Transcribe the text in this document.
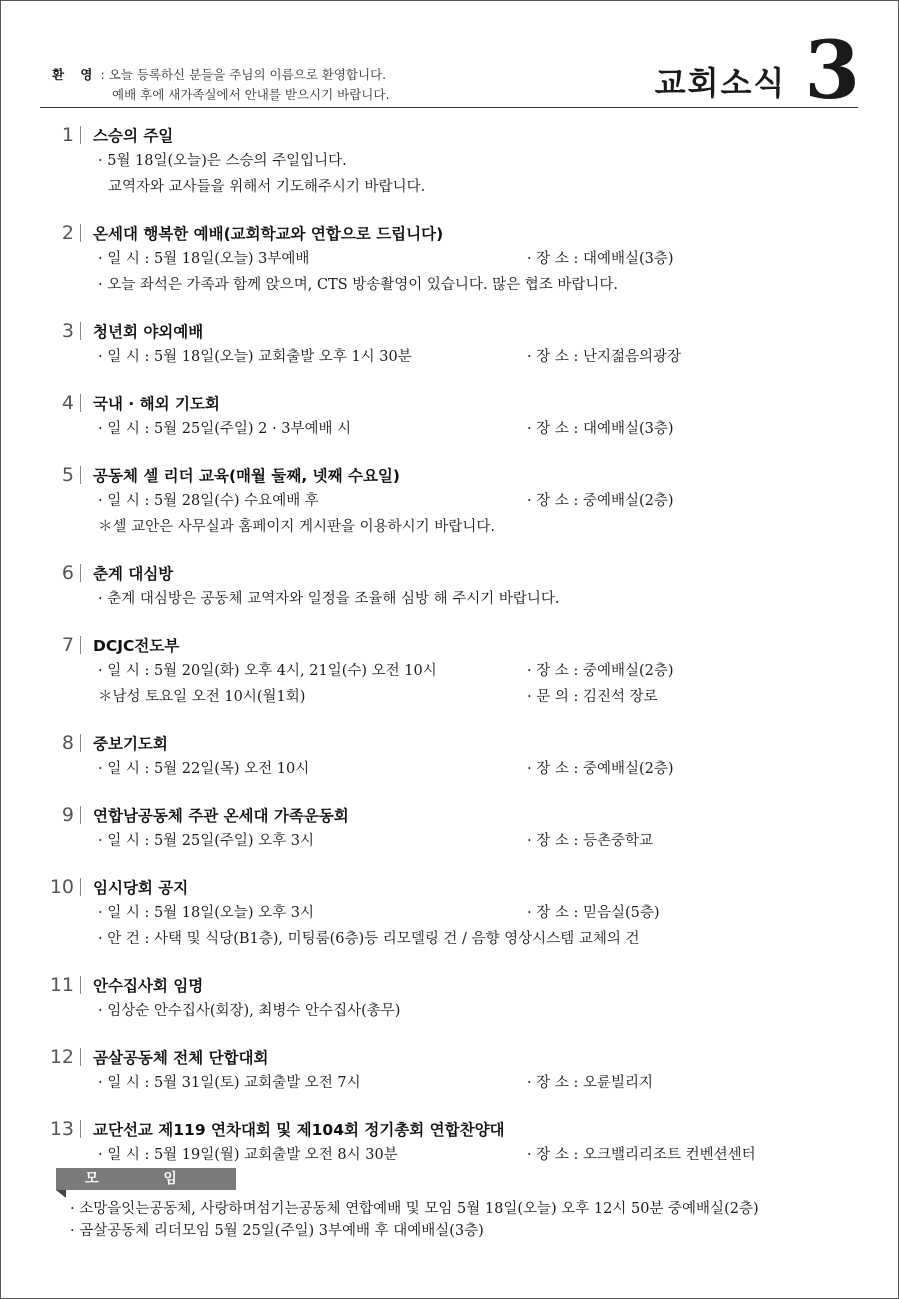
환 영 : 오늘 등록하신 분들을 주님의 이름으로 환영합니다.
예배 후에 새가족실에서 안내를 받으시기 바랍니다.	교회소식 3
1 스승의 주일
· 5월 18일(오늘)은 스승의 주일입니다.
교역자와 교사들을 위해서 기도해주시기 바랍니다.
2 온세대 행복한 예배(교회학교와 연합으로 드립니다)
· 일 시 : 5월 18일(오늘) 3부예배	· 장 소 : 대예배실(3층)
· 오늘 좌석은 가족과 함께 앉으며, CTS 방송촬영이 있습니다. 많은 협조 바랍니다.
3 청년회 야외예배
· 일 시 : 5월 18일(오늘) 교회출발 오후 1시 30분	· 장 소 : 난지젊음의광장
4 국내 · 해외 기도회
· 일 시 : 5월 25일(주일) 2 · 3부예배 시	· 장 소 : 대예배실(3층)
5 공동체 셀 리더 교육(매월 둘째, 넷째 수요일)
· 일 시 : 5월 28일(수) 수요예배 후	· 장 소 : 중예배실(2층)
＊셀 교안은 사무실과 홈페이지 게시판을 이용하시기 바랍니다.
6 춘계 대심방
· 춘계 대심방은 공동체 교역자와 일정을 조율해 심방 해 주시기 바랍니다.
7 DCJC전도부
· 일 시 : 5월 20일(화) 오후 4시, 21일(수) 오전 10시	· 장 소 : 중예배실(2층)
＊남성 토요일 오전 10시(월1회)	· 문 의 : 김진석 장로
8 중보기도회
· 일 시 : 5월 22일(목) 오전 10시	· 장 소 : 중예배실(2층)
9 연합남공동체 주관 온세대 가족운동회
· 일 시 : 5월 25일(주일) 오후 3시	· 장 소 : 등촌중학교
10 임시당회 공지
· 일 시 : 5월 18일(오늘) 오후 3시	· 장 소 : 믿음실(5층)
· 안 건 : 사택 및 식당(B1층), 미팅룸(6층)등 리모델링 건 / 음향 영상시스템 교체의 건
11 안수집사회 임명
· 임상순 안수집사(회장), 최병수 안수집사(총무)
12 곰살공동체 전체 단합대회
· 일 시 : 5월 31일(토) 교회출발 오전 7시	· 장 소 : 오륜빌리지
13 교단선교 제119 연차대회 및 제104회 정기총회 연합찬양대
· 일 시 : 5월 19일(월) 교회출발 오전 8시 30분	· 장 소 : 오크밸리리조트 컨벤션센터
모 임
· 소망을잇는공동체, 사랑하며섬기는공동체 연합예배 및 모임 5월 18일(오늘) 오후 12시 50분 중예배실(2층)
· 곰살공동체 리더모임 5월 25일(주일) 3부예배 후 대예배실(3층)
